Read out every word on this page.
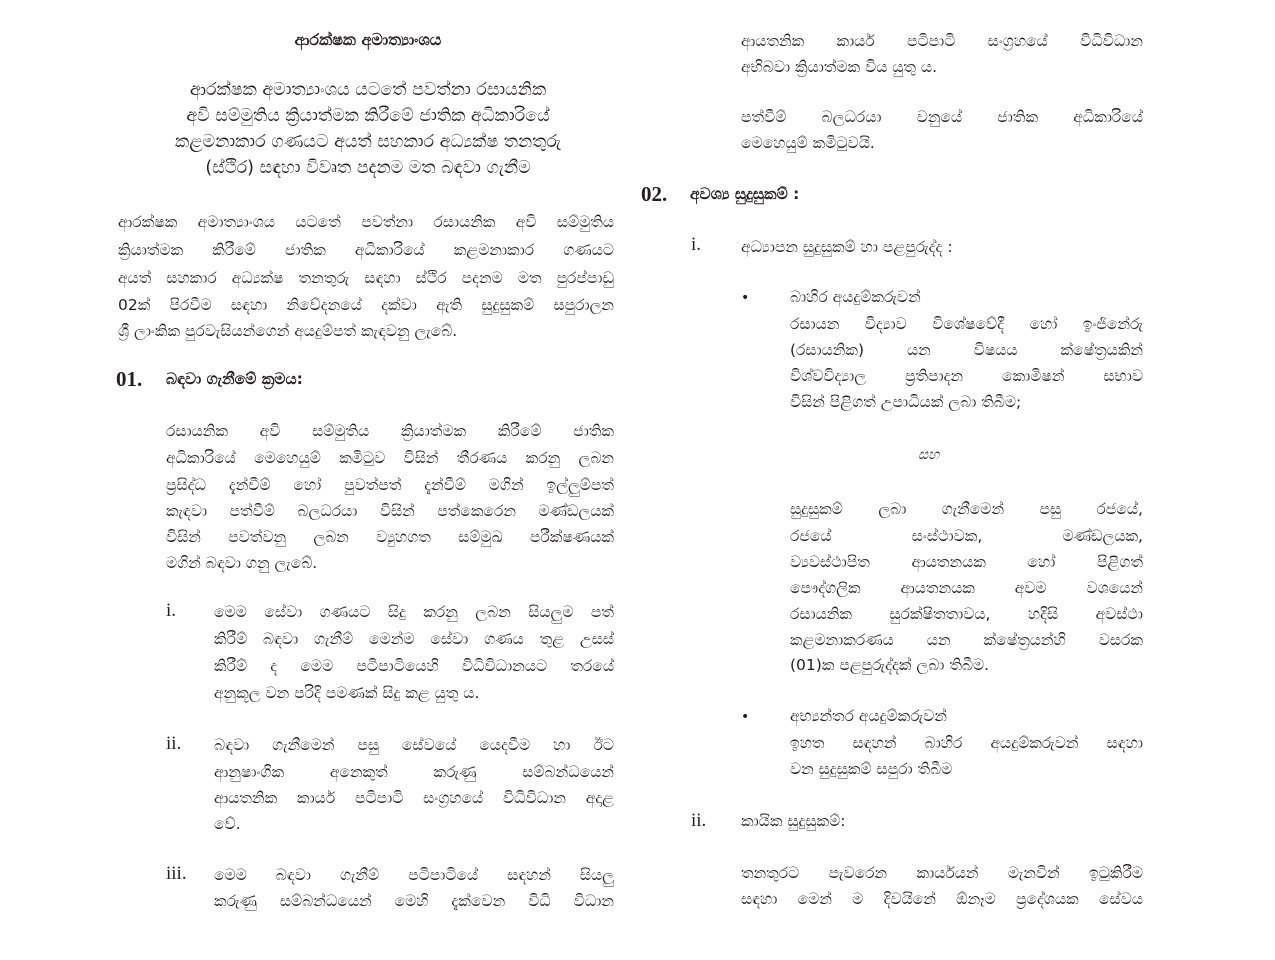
ආරක්ෂක අමාත්‍යාංශය
ආරක්ෂක අමාත්‍යාංශය යටතේ පවත්නා රසායනික
අවි සම්මුතිය ක්‍රියාත්මක කිරීමේ ජාතික අධිකාරියේ
කළමනාකාර ගණයට අයත් සහකාර අධ්‍යක්ෂ තනතුරු
(ස්ථිර) සඳහා විවෘත පදනම මත බඳවා ගැනීම
ආරක්ෂක අමාත්‍යාංශය යටතේ පවත්නා රසායනික අවි සම්මුතිය
ක්‍රියාත්මක කිරීමේ ජාතික අධිකාරියේ කළමනාකාර ගණයට
අයත් සහකාර අධ්‍යක්ෂ තනතුරු සඳහා ස්ථිර පදනම මත පුරප්පාඩු
02ක් පිරවීම සඳහා නිවේදනයේ දක්වා ඇති සුදුසුකම් සපුරාලන
ශ්‍රී ලාංකික පුරවැසියන්ගෙන් අයදුම්පත් කැඳවනු ලැබේ.
01. බඳවා ගැනීමේ ක්‍රමය:
රසායනික අවි සම්මුතිය ක්‍රියාත්මක කිරීමේ ජාතික
අධිකාරියේ මෙහෙයුම් කමිටුව විසින් තීරණය කරනු ලබන
ප්‍රසිද්ධ දැන්වීම් හෝ පුවත්පත් දැන්වීම් මගින් ඉල්ලුම්පත්
කැඳවා පත්වීම් බලධරයා විසින් පත්කෙරෙන මණ්ඩලයක්
විසින් පවත්වනු ලබන ව්‍යුහගත සම්මුඛ පරීක්ෂණයක්
මගින් බඳවා ගනු ලැබේ.
i. මෙම සේවා ගණයට සිදු කරනු ලබන සියලුම පත්
කිරීම් බඳවා ගැනීම් මෙන්ම සේවා ගණය තුළ උසස්
කිරීම් ද මෙම පටිපාටියෙහි විධිවිධානයට තරයේ
අනුකූල වන පරිදි පමණක් සිදු කළ යුතු ය.
ii. බඳවා ගැනීමෙන් පසු සේවයේ යෙදවීම හා ඊට
ආනුෂාංගික අනෙකුත් කරුණු සම්බන්ධයෙන්
ආයතනික කාර්ය පටිපාටි සංග්‍රහයේ විධිවිධාන අදාළ
වේ.
iii. මෙම බඳවා ගැනීම් පටිපාටියේ සඳහන් සියලු
කරුණු සම්බන්ධයෙන් මෙහි දැක්වෙන විධි විධාන
ආයතනික කාර්ය පටිපාටි සංග්‍රහයේ විධිවිධාන
අභිබවා ක්‍රියාත්මක විය යුතු ය.
පත්වීම් බලධරයා වනුයේ ජාතික අධිකාරියේ
මෙහෙයුම් කමිටුවයි.
02. අවශ්‍ය සුදුසුකම් :
i.	අධ්‍යාපන සුදුසුකම් හා පළපුරුද්ද :
•	බාහිර අයදුම්කරුවන්
රසායන විද්‍යාව විශේෂවේදී හෝ ඉංජිනේරු
(රසායනික) යන විෂයය ක්ෂේත්‍රයකින්
විශ්වවිද්‍යාල ප්‍රතිපාදන කොමිෂන් සභාව
විසින් පිළිගත් උපාධියක් ලබා තිබීම;
සහ
සුදුසුකම් ලබා ගැනීමෙන් පසු රජයේ,
රජයේ සංස්ථාවක, මණ්ඩලයක,
ව්‍යවස්ථාපිත ආයතනයක හෝ පිළිගත්
පෞද්ගලික ආයතනයක අවම වශයෙන්
රසායනික සුරක්ෂිතතාවය, හදිසි අවස්ථා
කළමනාකරණය යන ක්ෂේත්‍රයන්හි වසරක
(01)ක පළපුරුද්දක් ලබා තිබීම.
•	අභ්‍යන්තර අයදුම්කරුවන්
ඉහත සඳහන් බාහිර අයදුම්කරුවන් සඳහා
වන සුදුසුකම් සපුරා තිබීම
ii. කායික සුදුසුකම්:
තනතුරට පැවරෙන කාර්යයන් මැනවින් ඉටුකිරීම
සඳහා මෙන් ම දිවයිනේ ඕනෑම ප්‍රදේශයක සේවය
